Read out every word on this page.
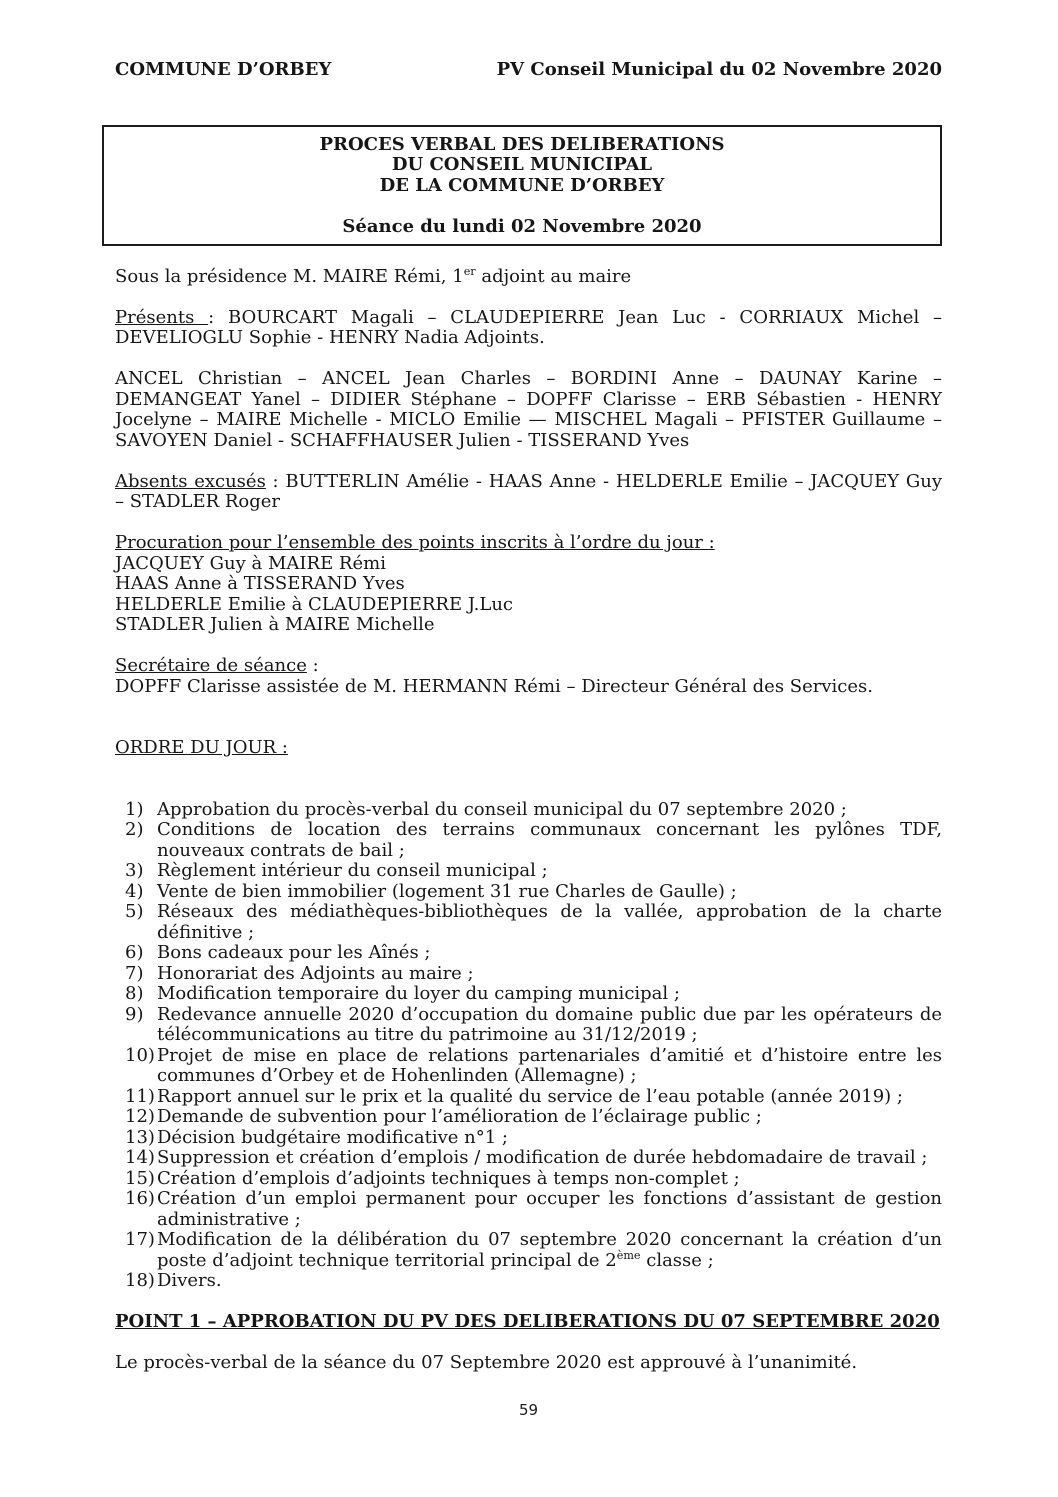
COMMUNE D’ORBEY	PV Conseil Municipal du 02 Novembre 2020
PROCES VERBAL DES DELIBERATIONS
DU CONSEIL MUNICIPAL
DE LA COMMUNE D’ORBEY
Séance du lundi 02 Novembre 2020

Sous la présidence M. MAIRE Rémi, 1er adjoint au maire

Présents : BOURCART Magali – CLAUDEPIERRE Jean Luc - CORRIAUX Michel – DEVELIOGLU Sophie - HENRY Nadia Adjoints.

ANCEL Christian – ANCEL Jean Charles – BORDINI Anne – DAUNAY Karine – DEMANGEAT Yanel – DIDIER Stéphane – DOPFF Clarisse – ERB Sébastien - HENRY Jocelyne – MAIRE Michelle - MICLO Emilie — MISCHEL Magali – PFISTER Guillaume – SAVOYEN Daniel - SCHAFFHAUSER Julien - TISSERAND Yves

Absents excusés : BUTTERLIN Amélie - HAAS Anne - HELDERLE Emilie – JACQUEY Guy – STADLER Roger

Procuration pour l’ensemble des points inscrits à l’ordre du jour :
JACQUEY Guy à MAIRE Rémi
HAAS Anne à TISSERAND Yves
HELDERLE Emilie à CLAUDEPIERRE J.Luc
STADLER Julien à MAIRE Michelle
Secrétaire de séance :
DOPFF Clarisse assistée de M. HERMANN Rémi – Directeur Général des Services.

ORDRE DU JOUR :

1) Approbation du procès-verbal du conseil municipal du 07 septembre 2020 ;
2) Conditions de location des terrains communaux concernant les pylônes TDF, nouveaux contrats de bail ;
3) Règlement intérieur du conseil municipal ;
4) Vente de bien immobilier (logement 31 rue Charles de Gaulle) ;
5) Réseaux des médiathèques-bibliothèques de la vallée, approbation de la charte définitive ;
6) Bons cadeaux pour les Aînés ;
7) Honorariat des Adjoints au maire ;
8) Modification temporaire du loyer du camping municipal ;
9) Redevance annuelle 2020 d’occupation du domaine public due par les opérateurs de télécommunications au titre du patrimoine au 31/12/2019 ;
10) Projet de mise en place de relations partenariales d’amitié et d’histoire entre les communes d’Orbey et de Hohenlinden (Allemagne) ;
11) Rapport annuel sur le prix et la qualité du service de l’eau potable (année 2019) ;
12) Demande de subvention pour l’amélioration de l’éclairage public ;
13) Décision budgétaire modificative n°1 ;
14) Suppression et création d’emplois / modification de durée hebdomadaire de travail ;
15) Création d’emplois d’adjoints techniques à temps non-complet ;
16) Création d’un emploi permanent pour occuper les fonctions d’assistant de gestion administrative ;
17) Modification de la délibération du 07 septembre 2020 concernant la création d’un poste d’adjoint technique territorial principal de 2ème classe ;
18) Divers.

POINT 1 – APPROBATION DU PV DES DELIBERATIONS DU 07 SEPTEMBRE 2020

Le procès-verbal de la séance du 07 Septembre 2020 est approuvé à l’unanimité.

59
